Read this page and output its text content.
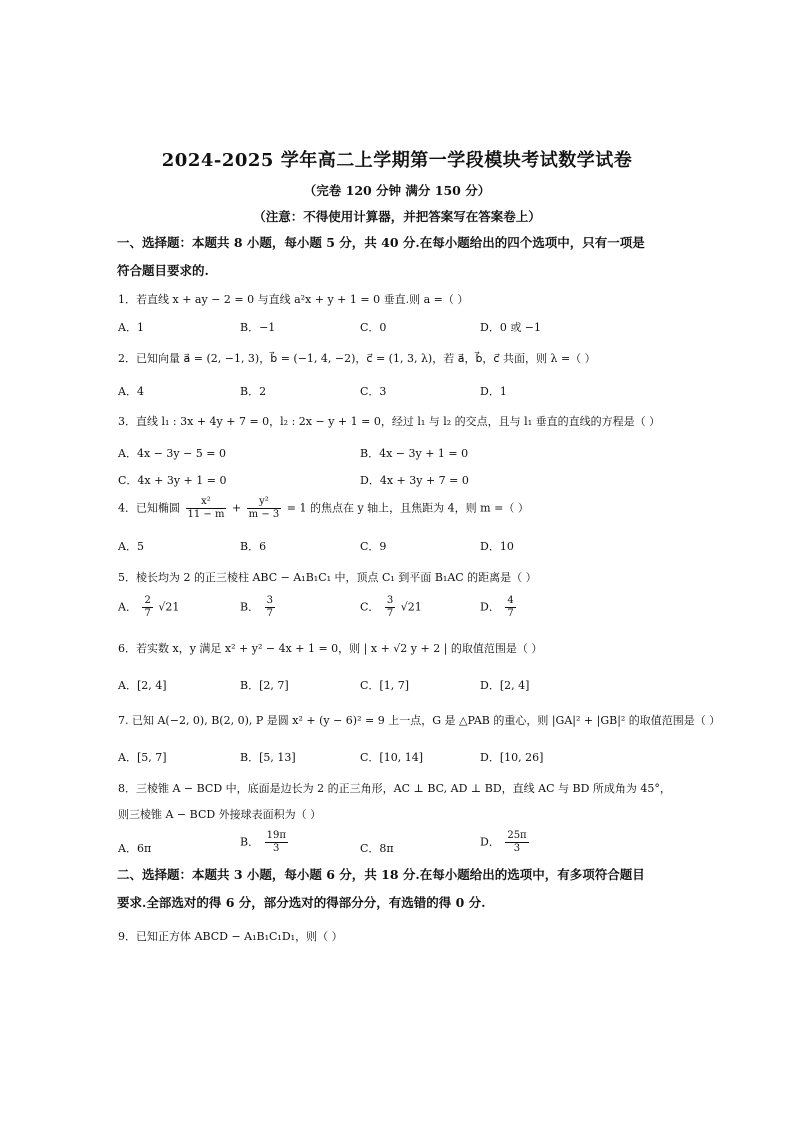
2024-2025 学年高二上学期第一学段模块考试数学试卷
（完卷 120 分钟 满分 150 分）
（注意：不得使用计算器，并把答案写在答案卷上）
一、选择题：本题共 8 小题，每小题 5 分，共 40 分.在每小题给出的四个选项中，只有一项是
符合题目要求的.
1．若直线 x + ay − 2 = 0 与直线 a²x + y + 1 = 0 垂直.则 a =（ ）
A．1	B．−1	C．0	D．0 或 −1
2．已知向量 a⃗ = (2, −1, 3)，b⃗ = (−1, 4, −2)，c⃗ = (1, 3, λ)，若 a⃗，b⃗，c⃗ 共面，则 λ =（ ）
A．4	B．2	C．3	D．1
3．直线 l₁ : 3x + 4y + 7 = 0，l₂ : 2x − y + 1 = 0，经过 l₁ 与 l₂ 的交点，且与 l₁ 垂直的直线的方程是（ ）
A．4x − 3y − 5 = 0	B．4x − 3y + 1 = 0
C．4x + 3y + 1 = 0	D．4x + 3y + 7 = 0
4．已知椭圆 $\frac{\text{x²}}{11 - m} + \frac{\text{y²}}{m - 3} = 1$ 的焦点在 y 轴上，且焦距为 4，则 m =（ ）
A．5	B．6	C．9	D．10
5．棱长均为 2 的正三棱柱 ABC − A₁B₁C₁ 中，顶点 C₁ 到平面 B₁AC 的距离是（ ）
A． $\frac{2}{7} √21$	B． $\frac{3}{7}$	C． $\frac{3}{7} √21$	D． $\frac{4}{7}$
6．若实数 x，y 满足 x² + y² − 4x + 1 = 0，则 | x + √2 y + 2 | 的取值范围是（ ）
A．[2, 4]	B．[2, 7]	C．[1, 7]	D．[2, 4]
7. 已知 A(−2, 0), B(2, 0), P 是圆 x² + (y − 6)² = 9 上一点，G 是 △PAB 的重心，则 |GA|² + |GB|² 的取值范围是（ ）
A．[5, 7]	B．[5, 13]	C．[10, 14]	D．[10, 26]
8．三棱锥 A − BCD 中，底面是边长为 2 的正三角形，AC ⊥ BC, AD ⊥ BD，直线 AC 与 BD 所成角为 45°，
则三棱锥 A − BCD 外接球表面积为（ ）
A．6π	B． $\frac{19\pi}{3}$	C．8π	D． $\frac{25\pi}{3}$
二、选择题：本题共 3 小题，每小题 6 分，共 18 分.在每小题给出的选项中，有多项符合题目
要求.全部选对的得 6 分，部分选对的得部分分，有选错的得 0 分.
9．已知正方体 ABCD − A₁B₁C₁D₁，则（ ）
